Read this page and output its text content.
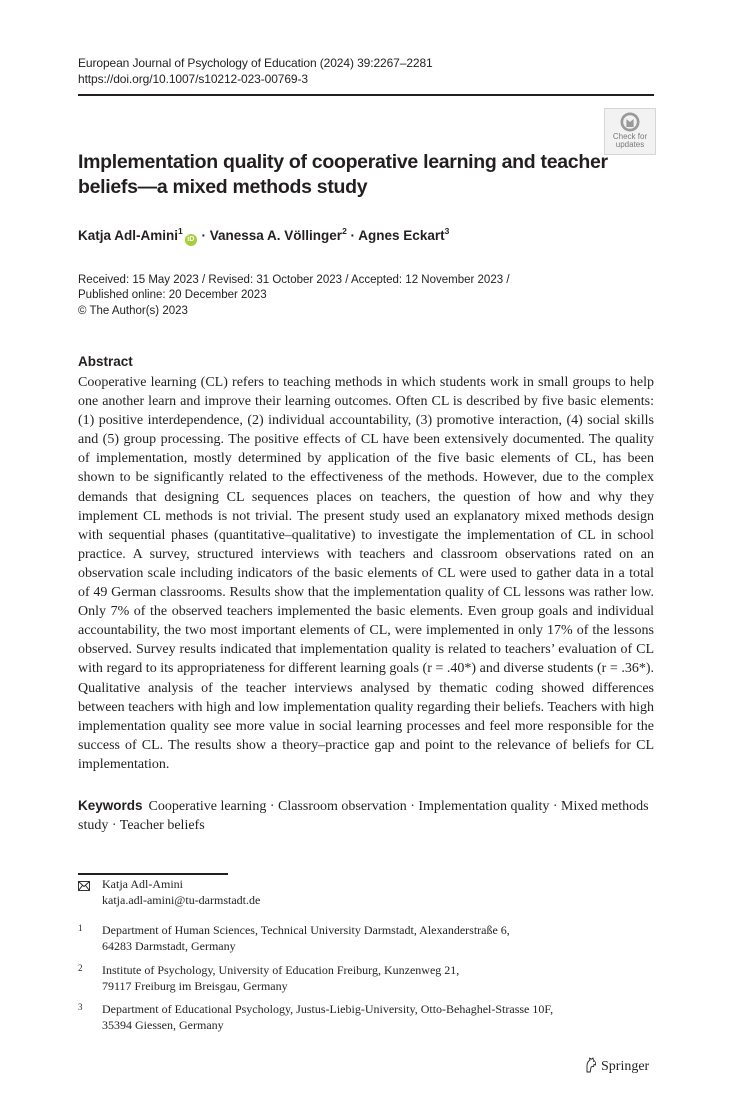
European Journal of Psychology of Education (2024) 39:2267–2281
https://doi.org/10.1007/s10212-023-00769-3
Check for
updates
Implementation quality of cooperative learning and teacher beliefs—a mixed methods study
Katja Adl-Amini$^1$iD · Vanessa A. Völlinger$^2$ · Agnes Eckart$^3$
Received: 15 May 2023 / Revised: 31 October 2023 / Accepted: 12 November 2023 /
Published online: 20 December 2023
© The Author(s) 2023
Abstract
Cooperative learning (CL) refers to teaching methods in which students work in small groups to help one another learn and improve their learning outcomes. Often CL is described by five basic elements: (1) positive interdependence, (2) individual accountability, (3) promotive interaction, (4) social skills and (5) group processing. The positive effects of CL have been extensively documented. The quality of implementation, mostly determined by application of the five basic elements of CL, has been shown to be significantly related to the effectiveness of the methods. However, due to the complex demands that designing CL sequences places on teachers, the question of how and why they implement CL methods is not trivial. The present study used an explanatory mixed methods design with sequential phases (quantitative–qualitative) to investigate the implementation of CL in school practice. A survey, structured interviews with teachers and classroom observations rated on an observation scale including indicators of the basic elements of CL were used to gather data in a total of 49 German classrooms. Results show that the implementation quality of CL lessons was rather low. Only 7% of the observed teachers implemented the basic elements. Even group goals and individual accountability, the two most important elements of CL, were implemented in only 17% of the lessons observed. Survey results indicated that implementation quality is related to teachers’ evaluation of CL with regard to its appropriateness for different learning goals (r = .40*) and diverse students (r = .36*). Qualitative analysis of the teacher interviews analysed by thematic coding showed differences between teachers with high and low implementation quality regarding their beliefs. Teachers with high implementation quality see more value in social learning processes and feel more responsible for the success of CL. The results show a theory–practice gap and point to the relevance of beliefs for CL implementation.
Keywords Cooperative learning · Classroom observation · Implementation quality · Mixed methods study · Teacher beliefs
Katja Adl-Amini
katja.adl-amini@tu-darmstadt.de
1 Department of Human Sciences, Technical University Darmstadt, Alexanderstraße 6,
64283 Darmstadt, Germany
2 Institute of Psychology, University of Education Freiburg, Kunzenweg 21,
79117 Freiburg im Breisgau, Germany
3 Department of Educational Psychology, Justus-Liebig-University, Otto-Behaghel-Strasse 10F,
35394 Giessen, Germany
Springer
